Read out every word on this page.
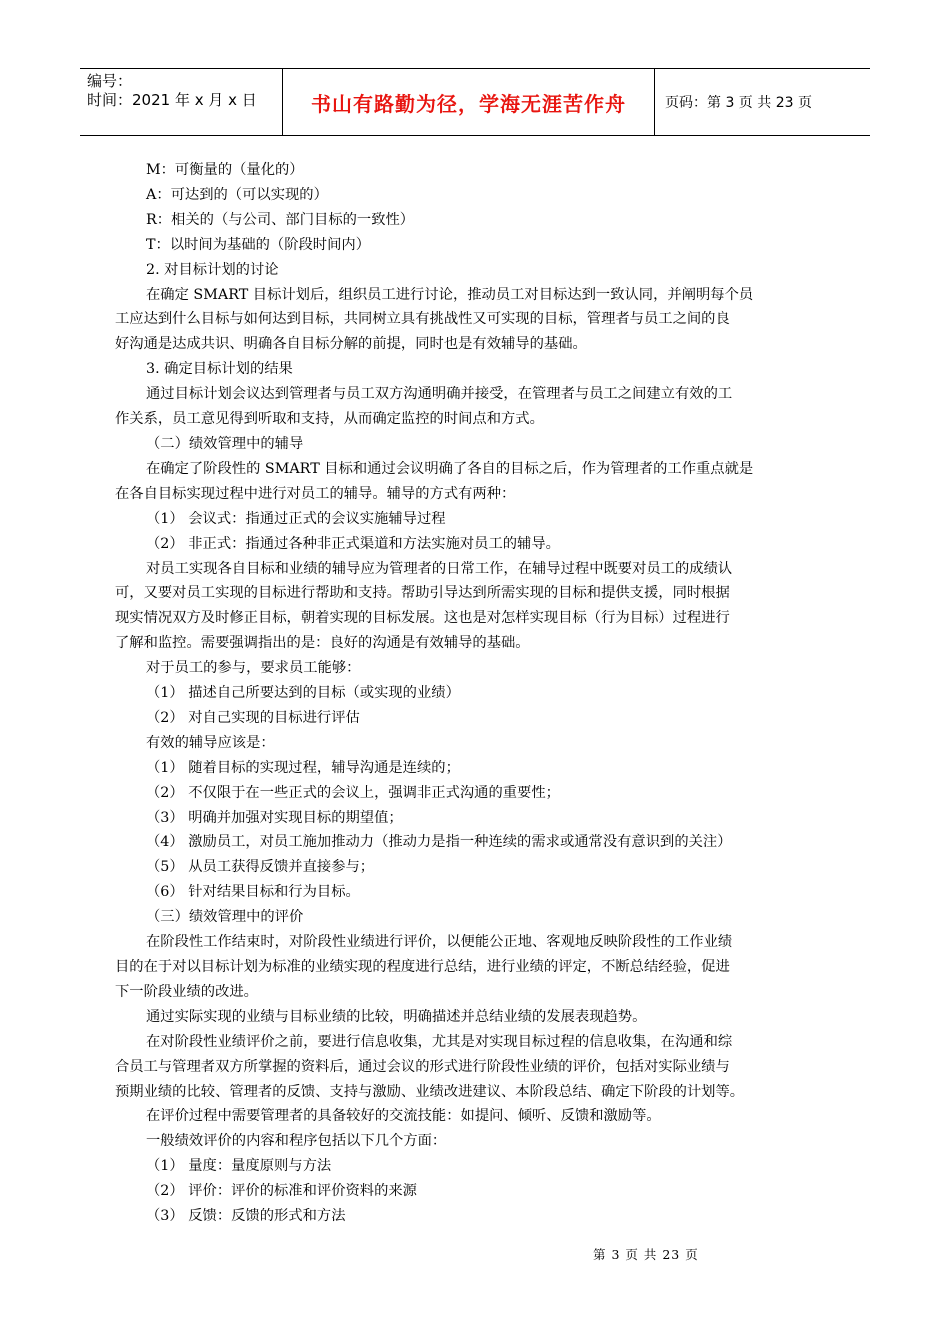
编号：
时间：2021 年 x 月 x 日	书山有路勤为径，学海无涯苦作舟	页码：第 3 页 共 23 页

M：可衡量的（量化的）

A：可达到的（可以实现的）

R：相关的（与公司、部门目标的一致性）

T：以时间为基础的（阶段时间内）

2. 对目标计划的讨论

在确定 SMART 目标计划后，组织员工进行讨论，推动员工对目标达到一致认同，并阐明每个员

工应达到什么目标与如何达到目标，共同树立具有挑战性又可实现的目标，管理者与员工之间的良

好沟通是达成共识、明确各自目标分解的前提，同时也是有效辅导的基础。

3. 确定目标计划的结果

通过目标计划会议达到管理者与员工双方沟通明确并接受，在管理者与员工之间建立有效的工

作关系，员工意见得到听取和支持，从而确定监控的时间点和方式。

（二）绩效管理中的辅导

在确定了阶段性的 SMART 目标和通过会议明确了各自的目标之后，作为管理者的工作重点就是

在各自目标实现过程中进行对员工的辅导。辅导的方式有两种：

（1） 会议式：指通过正式的会议实施辅导过程

（2） 非正式：指通过各种非正式渠道和方法实施对员工的辅导。

对员工实现各自目标和业绩的辅导应为管理者的日常工作，在辅导过程中既要对员工的成绩认

可，又要对员工实现的目标进行帮助和支持。帮助引导达到所需实现的目标和提供支援，同时根据

现实情况双方及时修正目标，朝着实现的目标发展。这也是对怎样实现目标（行为目标）过程进行

了解和监控。需要强调指出的是：良好的沟通是有效辅导的基础。

对于员工的参与，要求员工能够：

（1） 描述自己所要达到的目标（或实现的业绩）

（2） 对自己实现的目标进行评估

有效的辅导应该是：

（1） 随着目标的实现过程，辅导沟通是连续的；

（2） 不仅限于在一些正式的会议上，强调非正式沟通的重要性；

（3） 明确并加强对实现目标的期望值；

（4） 激励员工，对员工施加推动力（推动力是指一种连续的需求或通常没有意识到的关注）

（5） 从员工获得反馈并直接参与；

（6） 针对结果目标和行为目标。

（三）绩效管理中的评价

在阶段性工作结束时，对阶段性业绩进行评价，以便能公正地、客观地反映阶段性的工作业绩

目的在于对以目标计划为标准的业绩实现的程度进行总结，进行业绩的评定，不断总结经验，促进

下一阶段业绩的改进。

通过实际实现的业绩与目标业绩的比较，明确描述并总结业绩的发展表现趋势。

在对阶段性业绩评价之前，要进行信息收集，尤其是对实现目标过程的信息收集，在沟通和综

合员工与管理者双方所掌握的资料后，通过会议的形式进行阶段性业绩的评价，包括对实际业绩与

预期业绩的比较、管理者的反馈、支持与激励、业绩改进建议、本阶段总结、确定下阶段的计划等。

在评价过程中需要管理者的具备较好的交流技能：如提问、倾听、反馈和激励等。

一般绩效评价的内容和程序包括以下几个方面：

（1） 量度：量度原则与方法

（2） 评价：评价的标准和评价资料的来源

（3） 反馈：反馈的形式和方法

第 3 页 共 23 页
